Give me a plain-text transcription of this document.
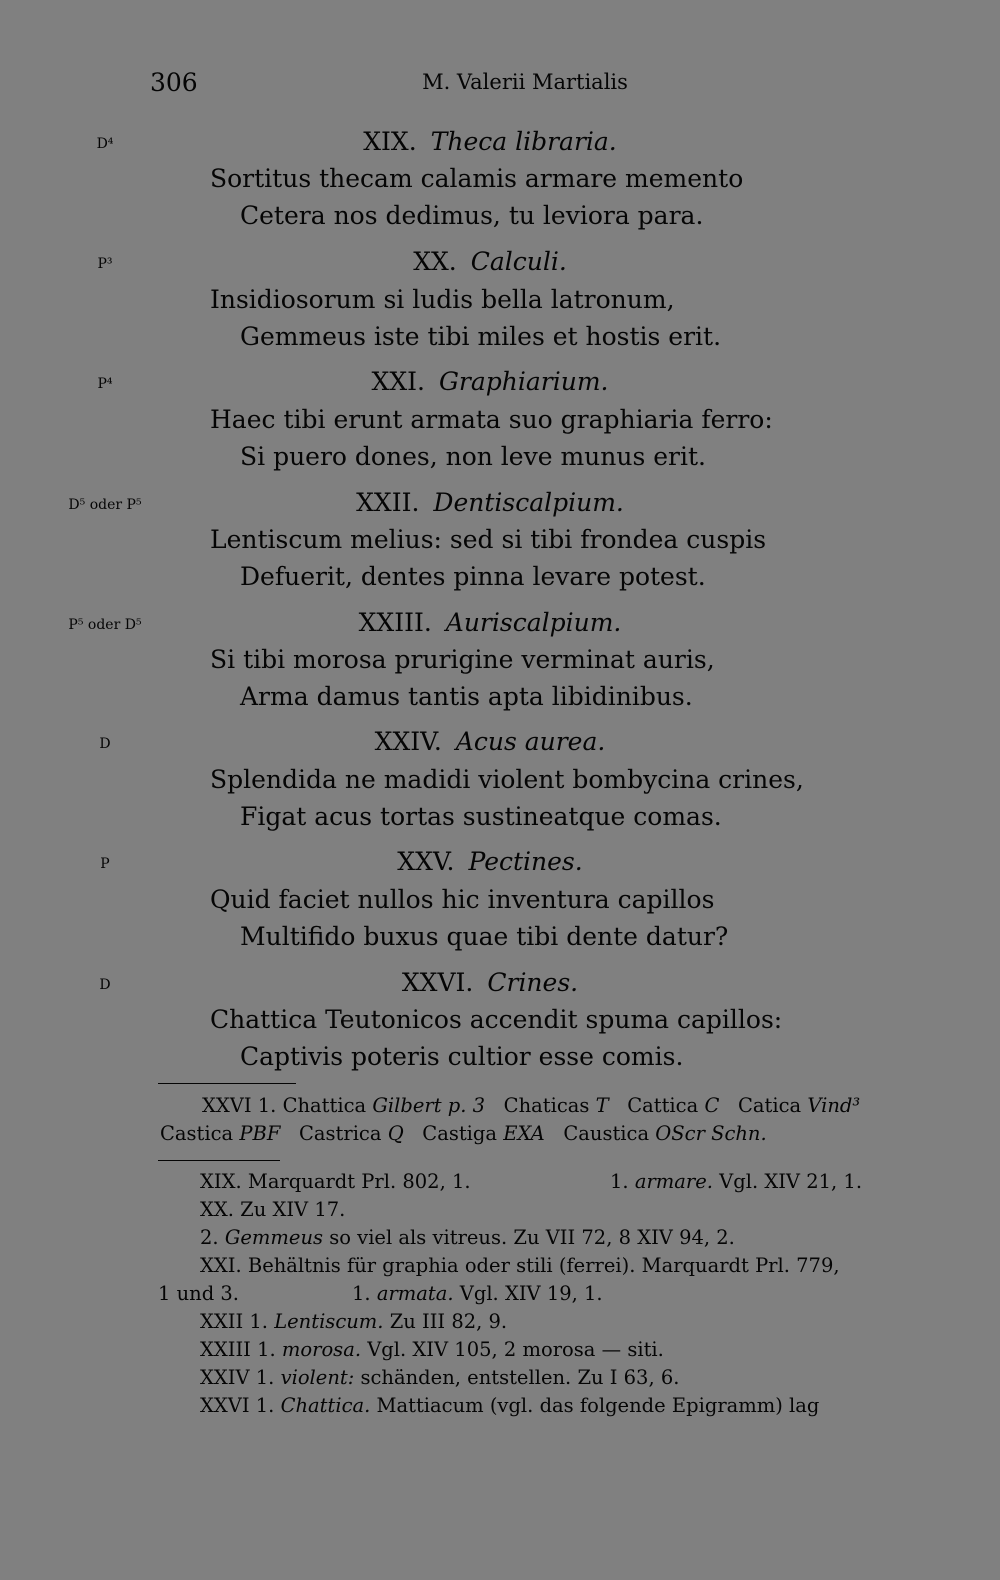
306	M. Valerii Martialis
D⁴	XIX. Theca libraria.
Sortitus thecam calamis armare memento
Cetera nos dedimus, tu leviora para.
P³	XX. Calculi.
Insidiosorum si ludis bella latronum,
Gemmeus iste tibi miles et hostis erit.
P⁴	XXI. Graphiarium.
Haec tibi erunt armata suo graphiaria ferro:
Si puero dones, non leve munus erit.
D⁵ oder P⁵	XXII. Dentiscalpium.
Lentiscum melius: sed si tibi frondea cuspis
Defuerit, dentes pinna levare potest.
P⁵ oder D⁵	XXIII. Auriscalpium.
Si tibi morosa prurigine verminat auris,
Arma damus tantis apta libidinibus.
D	XXIV. Acus aurea.
Splendida ne madidi violent bombycina crines,
Figat acus tortas sustineatque comas.
P	XXV. Pectines.
Quid faciet nullos hic inventura capillos
Multifido buxus quae tibi dente datur?
D	XXVI. Crines.
Chattica Teutonicos accendit spuma capillos:
Captivis poteris cultior esse comis.
XXVI 1. Chattica Gilbert p. 3 Chaticas T Cattica C Catica Vind³   Castica PBF Castrica Q Castiga EXA Caustica OScr Schn.
XIX. Marquardt Prl. 802, 1.	1. armare. Vgl. XIV 21, 1.
XX. Zu XIV 17.
2. Gemmeus so viel als vitreus. Zu VII 72, 8 XIV 94, 2.
XXI. Behältnis für graphia oder stili (ferrei). Marquardt Prl. 779,
1 und 3.	1. armata. Vgl. XIV 19, 1.
XXII 1. Lentiscum. Zu III 82, 9.
XXIII 1. morosa. Vgl. XIV 105, 2 morosa — siti.
XXIV 1. violent: schänden, entstellen. Zu I 63, 6.
XXVI 1. Chattica. Mattiacum (vgl. das folgende Epigramm) lag
